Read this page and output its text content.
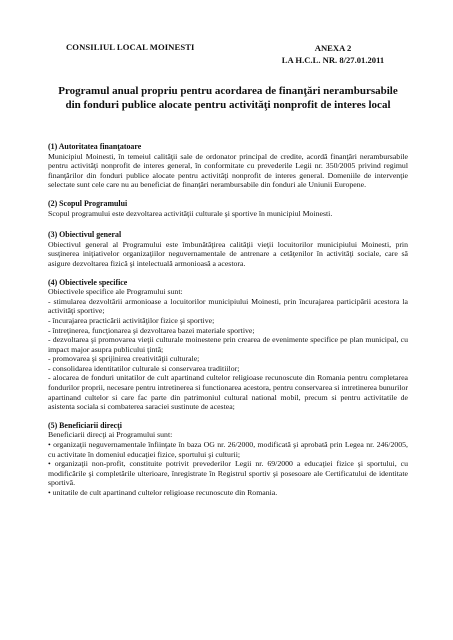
CONSILIUL LOCAL MOINESTI	ANEXA 2
LA H.C.L. NR. 8/27.01.2011
Programul anual propriu pentru acordarea de finanţări nerambursabile din fonduri publice alocate pentru activităţi nonprofit de interes local
(1) Autoritatea finanţatoare

Municipiul Moinesti, în temeiul calităţii sale de ordonator principal de credite, acordă finanţări nerambursabile pentru activităţi nonprofit de interes general, în conformitate cu prevederile Legii nr. 350/2005 privind regimul finanţărilor din fonduri publice alocate pentru activităţi nonprofit de interes general. Domeniile de intervenţie selectate sunt cele care nu au beneficiat de finanţări nerambursabile din fonduri ale Uniunii Europene.

(2) Scopul Programului

Scopul programului este dezvoltarea activităţii culturale şi sportive în municipiul Moinesti.

(3) Obiectivul general

Obiectivul general al Programului este îmbunătăţirea calităţii vieţii locuitorilor municipiului Moinesti, prin susţinerea iniţiativelor organizaţiilor neguvernamentale de antrenare a cetăţenilor în activităţi sociale, care să asigure dezvoltarea fizică şi intelectuală armonioasă a acestora.

(4) Obiectivele specifice

Obiectivele specifice ale Programului sunt:

- stimularea dezvoltării armonioase a locuitorilor municipiului Moinesti, prin încurajarea participării acestora la activităţi sportive;

- încurajarea practicării activităţilor fizice şi sportive;

- întreţinerea, funcţionarea şi dezvoltarea bazei materiale sportive;

- dezvoltarea şi promovarea vieţii culturale moinestene prin crearea de evenimente specifice pe plan municipal, cu impact major asupra publicului ţintă;

- promovarea şi sprijinirea creativităţii culturale;

- consolidarea identitatilor culturale si conservarea traditiilor;

- alocarea de fonduri unitatilor de cult apartinand cultelor religioase recunoscute din Romania pentru completarea fondurilor proprii, necesare pentru intretinerea si functionarea acestora, pentru conservarea si intretinerea bunurilor apartinand cultelor si care fac parte din patrimoniul cultural national mobil, precum si pentru activitatile de asistenta sociala si combaterea saraciei sustinute de acestea;

(5) Beneficiarii direcţi

Beneficiarii direcţi ai Programului sunt:

• organizaţii neguvernamentale înfiinţate în baza OG nr. 26/2000, modificată şi aprobată prin Legea nr. 246/2005, cu activitate în domeniul educaţiei fizice, sportului şi culturii;

• organizaţii non-profit, constituite potrivit prevederilor Legii nr. 69/2000 a educaţiei fizice şi sportului, cu modificările şi completările ulterioare, înregistrate în Registrul sportiv şi posesoare ale Certificatului de identitate sportivă.

• unitatile de cult apartinand cultelor religioase recunoscute din Romania.
